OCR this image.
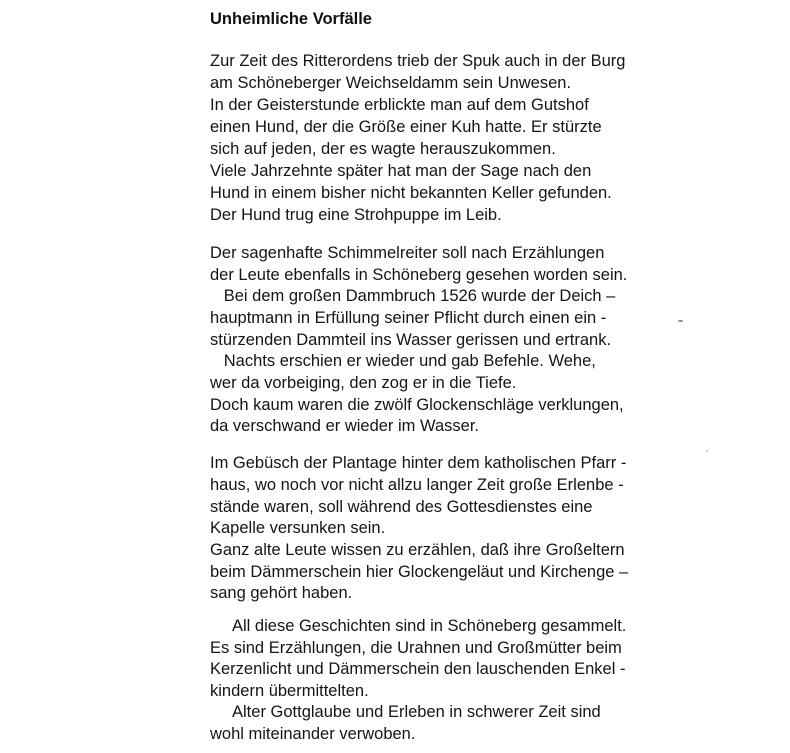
Unheimliche Vorfälle
Zur Zeit des Ritterordens trieb der Spuk auch in der Burg
am Schöneberger Weichseldamm sein Unwesen.
In der Geisterstunde erblickte man auf dem Gutshof
einen Hund, der die Größe einer Kuh hatte. Er stürzte
sich auf jeden, der es wagte herauszukommen.
Viele Jahrzehnte später hat man der Sage nach den
Hund in einem bisher nicht bekannten Keller gefunden.
Der Hund trug eine Strohpuppe im Leib.
Der sagenhafte Schimmelreiter soll nach Erzählungen
der Leute ebenfalls in Schöneberg gesehen worden sein.
Bei dem großen Dammbruch 1526 wurde der Deich –
hauptmann in Erfüllung seiner Pflicht durch einen ein -
stürzenden Dammteil ins Wasser gerissen und ertrank.
Nachts erschien er wieder und gab Befehle. Wehe,
wer da vorbeiging, den zog er in die Tiefe.
Doch kaum waren die zwölf Glockenschläge verklungen,
da verschwand er wieder im Wasser.
Im Gebüsch der Plantage hinter dem katholischen Pfarr -
haus, wo noch vor nicht allzu langer Zeit große Erlenbe -
stände waren, soll während des Gottesdienstes eine
Kapelle versunken sein.
Ganz alte Leute wissen zu erzählen, daß ihre Großeltern
beim Dämmerschein hier Glockengeläut und Kirchenge –
sang gehört haben.
All diese Geschichten sind in Schöneberg gesammelt.
Es sind Erzählungen, die Urahnen und Großmütter beim
Kerzenlicht und Dämmerschein den lauschenden Enkel -
kindern übermittelten.
Alter Gottglaube und Erleben in schwerer Zeit sind
wohl miteinander verwoben.
